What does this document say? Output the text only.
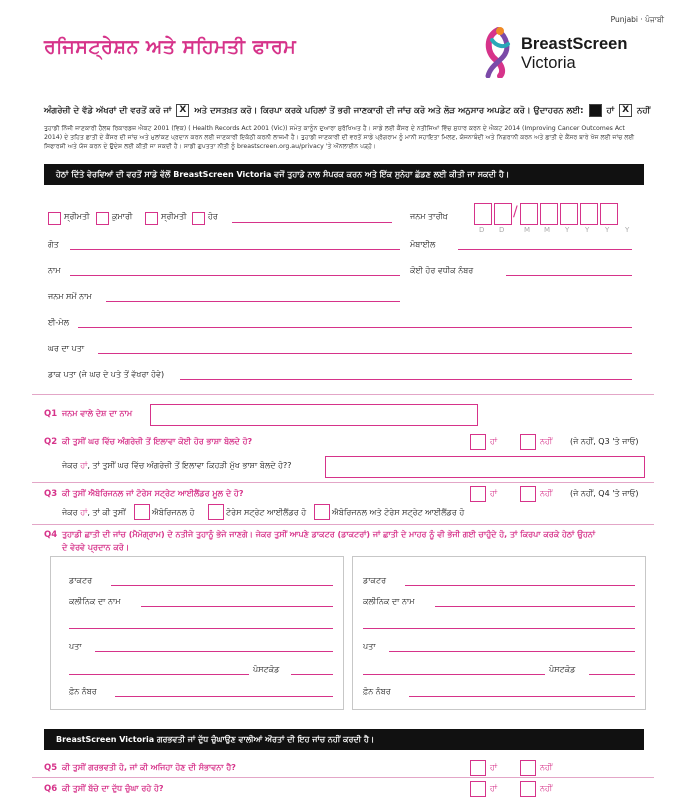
Punjabi · ਪੰਜਾਬੀ
ਰਜਿਸਟ੍ਰੇਸ਼ਨ ਅਤੇ ਸਹਿਮਤੀ ਫਾਰਮ	BreastScreen
Victoria
ਅੰਗਰੇਜ਼ੀ ਦੇ ਵੱਡੇ ਅੱਖਰਾਂ ਦੀ ਵਰਤੋਂ ਕਰੋ ਜਾਂ X ਅਤੇ ਦਸਤਖ਼ਤ ਕਰੋ। ਕਿਰਪਾ ਕਰਕੇ ਪਹਿਲਾਂ ਤੋਂ ਭਰੀ ਜਾਣਕਾਰੀ ਦੀ ਜਾਂਚ ਕਰੋ ਅਤੇ ਲੋੜ ਅਨੁਸਾਰ ਅਪਡੇਟ ਕਰੋ। ਉਦਾਹਰਨ ਲਈ: ■ ਹਾਂ X ਨਹੀਂ
ਤੁਹਾਡੀ ਨਿੱਜੀ ਜਾਣਕਾਰੀ ਹੈਲਥ ਰਿਕਾਰਡਜ਼ ਐਕਟ 2001 (ਵਿਕ) ( Health Records Act 2001 (Vic)) ਸਮੇਤ ਕਾਨੂੰਨ ਦੁਆਰਾ ਸੁਰੱਖਿਅਤ ਹੈ। ਸਾਡੇ ਲਈ ਕੈਂਸਰ ਦੇ ਨਤੀਜਿਆਂ ਵਿੱਚ ਸੁਧਾਰ ਕਰਨ ਦੇ ਐਕਟ 2014 (Improving Cancer Outcomes Act 2014) ਦੇ ਤਹਿਤ ਛਾਤੀ ਦੇ ਕੈਂਸਰ ਦੀ ਜਾਂਚ ਅਤੇ ਮੁਲਾਂਕਣ ਪ੍ਰਦਾਨ ਕਰਨ ਲਈ ਜਾਣਕਾਰੀ ਇਕੱਠੀ ਕਰਨੀ ਲਾਜ਼ਮੀ ਹੈ। ਤੁਹਾਡੀ ਜਾਣਕਾਰੀ ਦੀ ਵਰਤੋਂ ਸਾਡੇ ਪ੍ਰੋਗਰਾਮ ਨੂੰ ਮਾਨੀ ਸਹਾਇਤਾ ਮਿਲਣ, ਯੋਜਨਾਬੰਦੀ ਅਤੇ ਨਿਗਰਾਨੀ ਕਰਨ ਅਤੇ ਛਾਤੀ ਦੇ ਕੈਂਸਰ ਬਾਰੇ ਖੋਜ ਲਈ ਜਾਂਚ ਲਈ ਸਿਫਾਰਸ਼ੀ ਅਤੇ ਯੋਜ ਕਰਨ ਦੇ ਉਦੇਸ਼ ਲਈ ਕੀਤੀ ਜਾ ਸਕਦੀ ਹੈ। ਸਾਡੀ ਗੁਪਤਤਾ ਨੀਤੀ ਨੂੰ breastscreen.org.au/privacy 'ਤੇ ਔਨਲਾਈਨ ਪੜ੍ਹੋ।
ਹੇਠਾਂ ਦਿੱਤੇ ਵੇਰਵਿਆਂ ਦੀ ਵਰਤੋਂ ਸਾਡੇ ਵੱਲੋਂ BreastScreen Victoria ਵਜੋਂ ਤੁਹਾਡੇ ਨਾਲ ਸੰਪਰਕ ਕਰਨ ਅਤੇ ਇੱਕ ਸੁਨੇਹਾ ਛੱਡਣ ਲਈ ਕੀਤੀ ਜਾ ਸਕਦੀ ਹੈ।
ਸ੍ਰੀਮਤੀ	ਕੁਮਾਰੀ	ਸ੍ਰੀਮਤੀ	ਹੋਰ	ਜਨਮ ਤਾਰੀਖ਼	/
D D	M M Y Y Y Y
ਗੋਤ	ਮੋਬਾਈਲ
ਨਾਮ	ਕੋਈ ਹੋਰ ਵਧੀਕ ਨੰਬਰ
ਜਨਮ ਸਮੇਂ ਨਾਮ
ਈ-ਮੇਲ
ਘਰ ਦਾ ਪਤਾ
ਡਾਕ ਪਤਾ (ਜੇ ਘਰ ਦੇ ਪਤੇ ਤੋਂ ਵੱਖਰਾ ਹੋਵੇ)
Q1 ਜਨਮ ਵਾਲੇ ਦੇਸ਼ ਦਾ ਨਾਮ
Q2 ਕੀ ਤੁਸੀਂ ਘਰ ਵਿੱਚ ਅੰਗਰੇਜ਼ੀ ਤੋਂ ਇਲਾਵਾ ਕੋਈ ਹੋਰ ਭਾਸ਼ਾ ਬੋਲਦੇ ਹੋ?	ਹਾਂ	ਨਹੀਂ (ਜੇ ਨਹੀਂ, Q3 'ਤੇ ਜਾਓ)
ਜੇਕਰ ਹਾਂ, ਤਾਂ ਤੁਸੀਂ ਘਰ ਵਿੱਚ ਅੰਗਰੇਜ਼ੀ ਤੋਂ ਇਲਾਵਾ ਕਿਹੜੀ ਮੁੱਖ ਭਾਸ਼ਾ ਬੋਲਦੇ ਹੋ??
Q3 ਕੀ ਤੁਸੀਂ ਐਬੋਰਿਜਨਲ ਜਾਂ ਟੋਰੇਸ ਸਟ੍ਰੇਟ ਆਈਲੈਂਡਰ ਮੂਲ ਦੇ ਹੋ?	ਹਾਂ	ਨਹੀਂ (ਜੇ ਨਹੀਂ, Q4 'ਤੇ ਜਾਓ)
ਜੇਕਰ ਹਾਂ, ਤਾਂ ਕੀ ਤੁਸੀਂ	ਐਬੋਰਿਜਨਲ ਹੋ	ਟੋਰੇਸ ਸਟ੍ਰੇਟ ਆਈਲੈਂਡਰ ਹੋ	ਐਬੋਰਿਜਨਲ ਅਤੇ ਟੋਰੇਸ ਸਟ੍ਰੇਟ ਆਈਲੈਂਡਰ ਹੋ
Q4 ਤੁਹਾਡੀ ਛਾਤੀ ਦੀ ਜਾਂਚ (ਮੈਮੋਗ੍ਰਾਮ) ਦੇ ਨਤੀਜੇ ਤੁਹਾਨੂੰ ਭੇਜੇ ਜਾਣਗੇ। ਜੇਕਰ ਤੁਸੀਂ ਆਪਣੇ ਡਾਕਟਰ (ਡਾਕਟਰਾਂ) ਜਾਂ ਛਾਤੀ ਦੇ ਮਾਹਰ ਨੂੰ ਵੀ ਭੇਜੀ ਗਈ ਚਾਹੁੰਦੇ ਹੋ, ਤਾਂ ਕਿਰਪਾ ਕਰਕੇ ਹੇਠਾਂ ਉਹਨਾਂ
ਦੇ ਵੇਰਵੇ ਪ੍ਰਦਾਨ ਕਰੋ।
ਡਾਕਟਰ
ਕਲੀਨਿਕ ਦਾ ਨਾਮ
ਪਤਾ
ਪੋਸਟਕੋਡ
ਫ਼ੋਨ ਨੰਬਰ
ਡਾਕਟਰ
ਕਲੀਨਿਕ ਦਾ ਨਾਮ
ਪਤਾ
ਪੋਸਟਕੋਡ
ਫ਼ੋਨ ਨੰਬਰ
BreastScreen Victoria ਗਰਭਵਤੀ ਜਾਂ ਦੁੱਧ ਚੁੰਘਾਉਣ ਵਾਲੀਆਂ ਔਰਤਾਂ ਦੀ ਇਹ ਜਾਂਚ ਨਹੀਂ ਕਰਦੀ ਹੈ।
Q5 ਕੀ ਤੁਸੀਂ ਗਰਭਵਤੀ ਹੋ, ਜਾਂ ਕੀ ਅਜਿਹਾ ਹੋਣ ਦੀ ਸੰਭਾਵਨਾ ਹੈ?	ਹਾਂ	ਨਹੀਂ
Q6 ਕੀ ਤੁਸੀਂ ਬੱਚੇ ਦਾ ਦੁੱਧ ਚੁੰਘਾ ਰਹੇ ਹੋ?	ਹਾਂ	ਨਹੀਂ
